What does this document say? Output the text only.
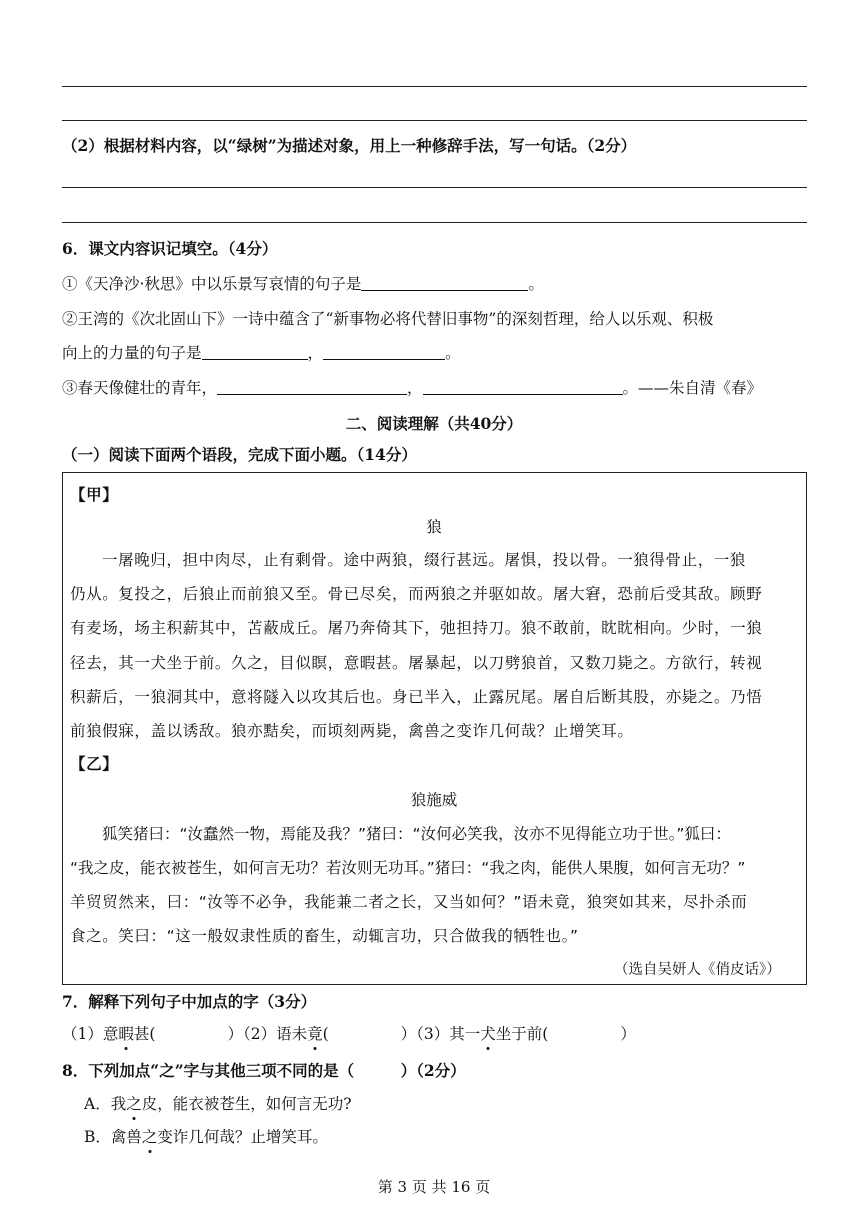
（2）根据材料内容，以“绿树”为描述对象，用上一种修辞手法，写一句话。（2分）
6．课文内容识记填空。（4分）
①《天净沙·秋思》中以乐景写哀情的句子是	。
②王湾的《次北固山下》一诗中蕴含了“新事物必将代替旧事物”的深刻哲理，给人以乐观、积极
向上的力量的句子是	，	。
③春天像健壮的青年，	，	。——朱自清《春》
二、阅读理解（共40分）
（一）阅读下面两个语段，完成下面小题。（14分）
【甲】
狼
一屠晚归，担中肉尽，止有剩骨。途中两狼，缀行甚远。屠惧，投以骨。一狼得骨止，一狼
仍从。复投之，后狼止而前狼又至。骨已尽矣，而两狼之并驱如故。屠大窘，恐前后受其敌。顾野
有麦场，场主积薪其中，苫蔽成丘。屠乃奔倚其下，弛担持刀。狼不敢前，眈眈相向。少时，一狼
径去，其一犬坐于前。久之，目似瞑，意暇甚。屠暴起，以刀劈狼首，又数刀毙之。方欲行，转视
积薪后，一狼洞其中，意将隧入以攻其后也。身已半入，止露尻尾。屠自后断其股，亦毙之。乃悟
前狼假寐，盖以诱敌。狼亦黠矣，而顷刻两毙，禽兽之变诈几何哉？止增笑耳。
【乙】
狼施威
狐笑猪曰：“汝蠢然一物，焉能及我？”猪曰：“汝何必笑我，汝亦不见得能立功于世。”狐曰：
“我之皮，能衣被苍生，如何言无功？若汝则无功耳。”猪曰：“我之肉，能供人果腹，如何言无功？”
羊贸贸然来，曰：“汝等不必争，我能兼二者之长，又当如何？”语未竟，狼突如其来，尽扑杀而
食之。笑曰：“这一般奴隶性质的畜生，动辄言功，只合做我的牺牲也。”
（选自吴妍人《俏皮话》）
7．解释下列句子中加点的字（3分）
（1）意暇甚(	）（2）语未竟(	）（3）其一犬坐于前(	）
8．下列加点“之”字与其他三项不同的是（　　　）（2分）
A．我之皮，能衣被苍生，如何言无功?
B．禽兽之变诈几何哉？止增笑耳。
第 3 页 共 16 页
